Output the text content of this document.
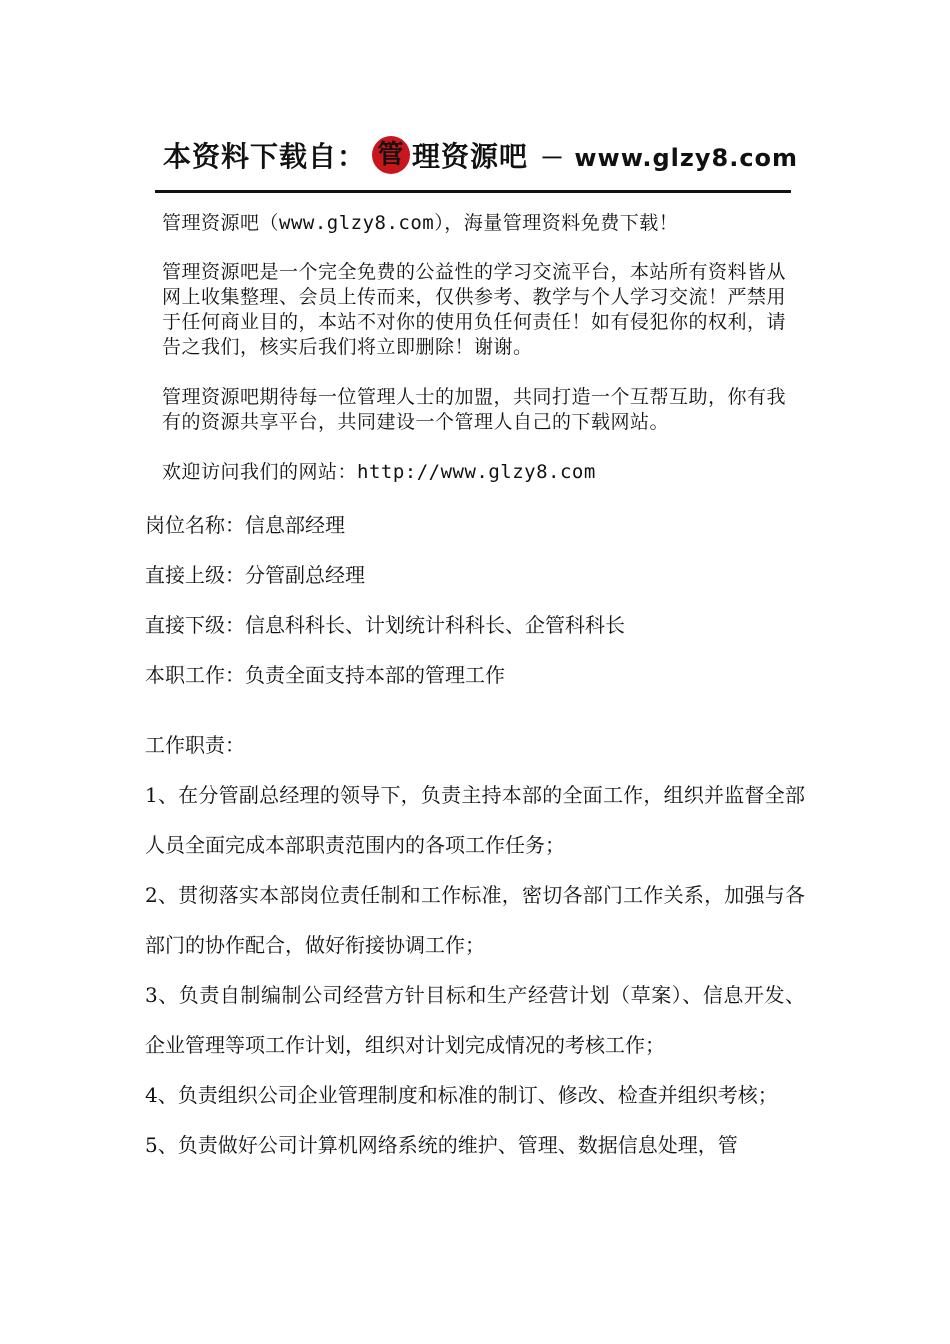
本资料下载自： 管 理资源吧 － www.glzy8.com
管理资源吧（www.glzy8.com），海量管理资料免费下载！
管理资源吧是一个完全免费的公益性的学习交流平台，本站所有资料皆从网上收集整理、会员上传而来，仅供参考、教学与个人学习交流！严禁用于任何商业目的，本站不对你的使用负任何责任！如有侵犯你的权利，请告之我们，核实后我们将立即删除！谢谢。
管理资源吧期待每一位管理人士的加盟，共同打造一个互帮互助，你有我有的资源共享平台，共同建设一个管理人自己的下载网站。
欢迎访问我们的网站：http://www.glzy8.com
岗位名称：信息部经理
直接上级：分管副总经理
直接下级：信息科科长、计划统计科科长、企管科科长
本职工作：负责全面支持本部的管理工作
工作职责：
1、在分管副总经理的领导下，负责主持本部的全面工作，组织并监督全部人员全面完成本部职责范围内的各项工作任务；
2、贯彻落实本部岗位责任制和工作标准，密切各部门工作关系，加强与各部门的协作配合，做好衔接协调工作；
3、负责自制编制公司经营方针目标和生产经营计划（草案）、信息开发、企业管理等项工作计划，组织对计划完成情况的考核工作；
4、负责组织公司企业管理制度和标准的制订、修改、检查并组织考核；
5、负责做好公司计算机网络系统的维护、管理、数据信息处理，管
